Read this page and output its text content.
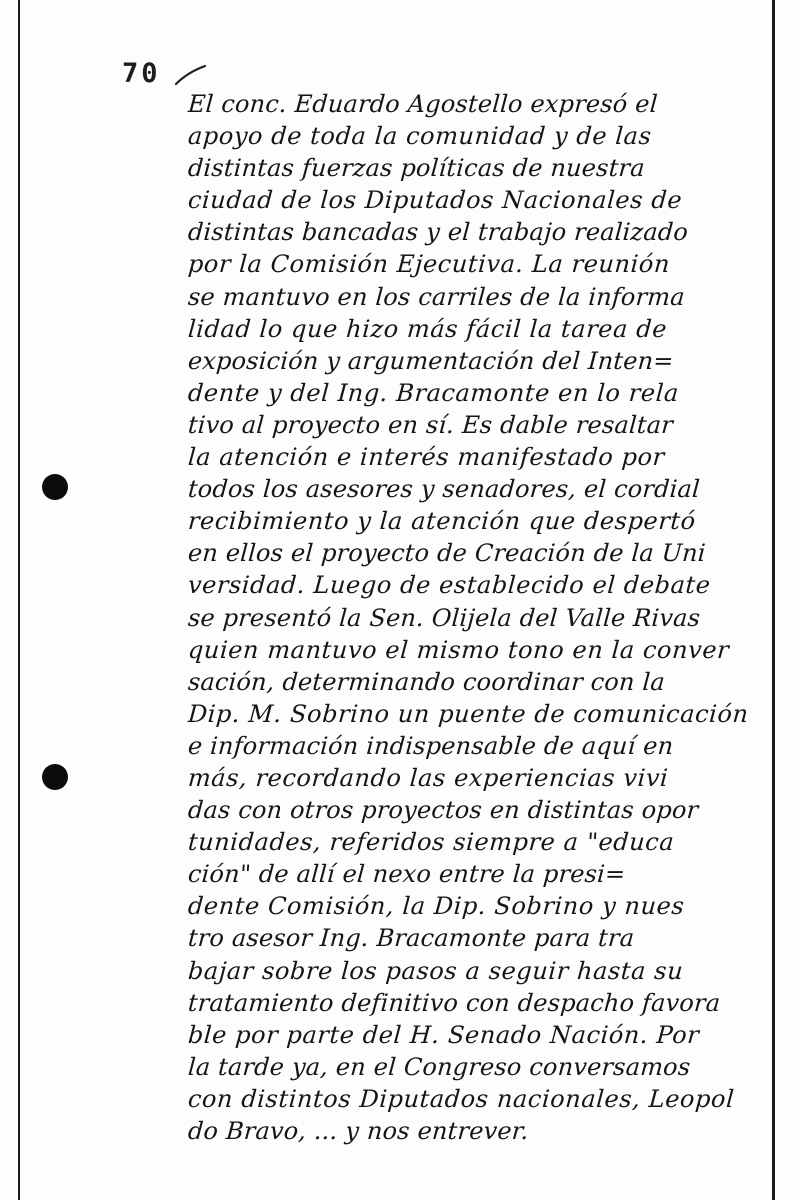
70
El conc. Eduardo Agostello expresó el
apoyo de toda la comunidad y de las
distintas fuerzas políticas de nuestra
ciudad de los Diputados Nacionales de
distintas bancadas y el trabajo realizado
por la Comisión Ejecutiva. La reunión
se mantuvo en los carriles de la informa
lidad lo que hizo más fácil la tarea de
exposición y argumentación del Inten=
dente y del Ing. Bracamonte en lo rela
tivo al proyecto en sí. Es dable resaltar
la atención e interés manifestado por
todos los asesores y senadores, el cordial
recibimiento y la atención que despertó
en ellos el proyecto de Creación de la Uni
versidad. Luego de establecido el debate
se presentó la Sen. Olijela del Valle Rivas
quien mantuvo el mismo tono en la conver
sación, determinando coordinar con la
Dip. M. Sobrino un puente de comunicación
e información indispensable de aquí en
más, recordando las experiencias vivi
das con otros proyectos en distintas opor
tunidades, referidos siempre a "educa
ción" de allí el nexo entre la presi=
dente Comisión, la Dip. Sobrino y nues
tro asesor Ing. Bracamonte para tra
bajar sobre los pasos a seguir hasta su
tratamiento definitivo con despacho favora
ble por parte del H. Senado Nación. Por
la tarde ya, en el Congreso conversamos
con distintos Diputados nacionales, Leopol
do Bravo, ... y nos entrever.
